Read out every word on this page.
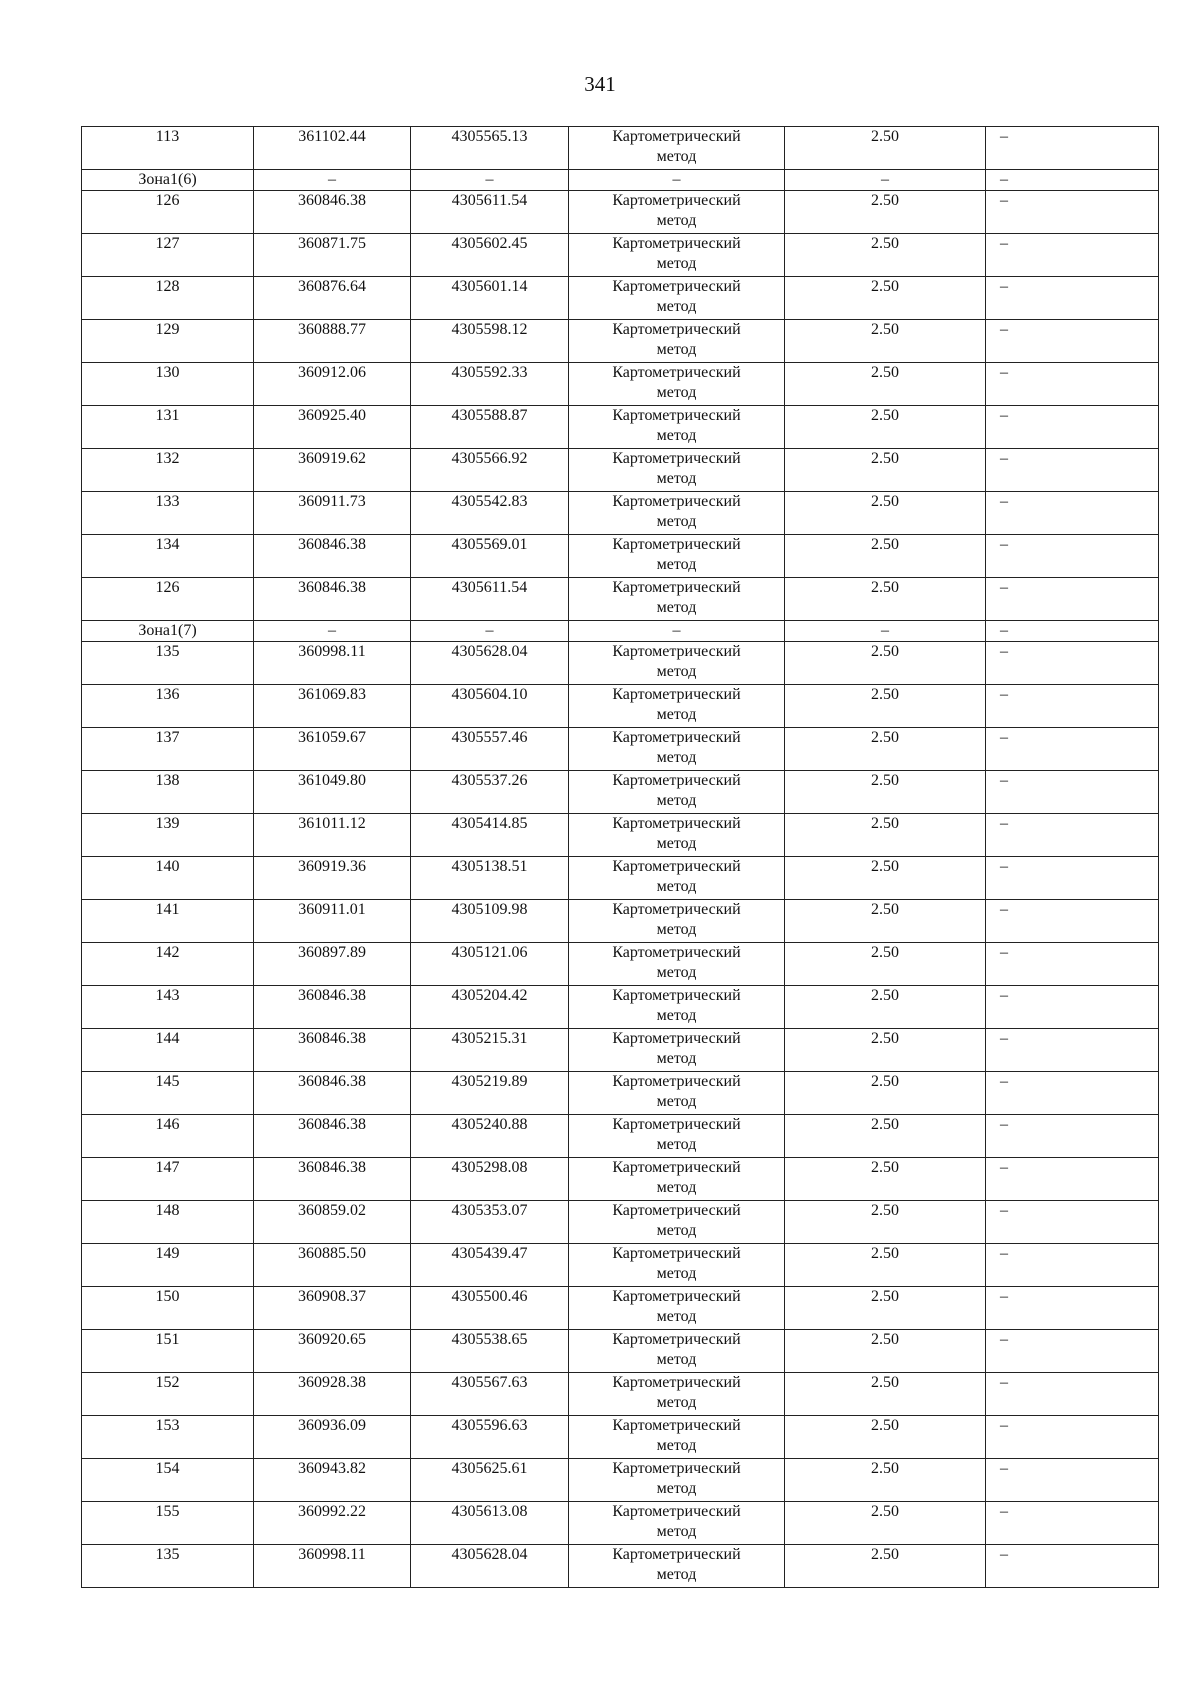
341
113	361102.44	4305565.13	Картометрический
метод	2.50	–
Зона1(6)	–	–	–	–	–
126	360846.38	4305611.54	Картометрический
метод	2.50	–
127	360871.75	4305602.45	Картометрический
метод	2.50	–
128	360876.64	4305601.14	Картометрический
метод	2.50	–
129	360888.77	4305598.12	Картометрический
метод	2.50	–
130	360912.06	4305592.33	Картометрический
метод	2.50	–
131	360925.40	4305588.87	Картометрический
метод	2.50	–
132	360919.62	4305566.92	Картометрический
метод	2.50	–
133	360911.73	4305542.83	Картометрический
метод	2.50	–
134	360846.38	4305569.01	Картометрический
метод	2.50	–
126	360846.38	4305611.54	Картометрический
метод	2.50	–
Зона1(7)	–	–	–	–	–
135	360998.11	4305628.04	Картометрический
метод	2.50	–
136	361069.83	4305604.10	Картометрический
метод	2.50	–
137	361059.67	4305557.46	Картометрический
метод	2.50	–
138	361049.80	4305537.26	Картометрический
метод	2.50	–
139	361011.12	4305414.85	Картометрический
метод	2.50	–
140	360919.36	4305138.51	Картометрический
метод	2.50	–
141	360911.01	4305109.98	Картометрический
метод	2.50	–
142	360897.89	4305121.06	Картометрический
метод	2.50	–
143	360846.38	4305204.42	Картометрический
метод	2.50	–
144	360846.38	4305215.31	Картометрический
метод	2.50	–
145	360846.38	4305219.89	Картометрический
метод	2.50	–
146	360846.38	4305240.88	Картометрический
метод	2.50	–
147	360846.38	4305298.08	Картометрический
метод	2.50	–
148	360859.02	4305353.07	Картометрический
метод	2.50	–
149	360885.50	4305439.47	Картометрический
метод	2.50	–
150	360908.37	4305500.46	Картометрический
метод	2.50	–
151	360920.65	4305538.65	Картометрический
метод	2.50	–
152	360928.38	4305567.63	Картометрический
метод	2.50	–
153	360936.09	4305596.63	Картометрический
метод	2.50	–
154	360943.82	4305625.61	Картометрический
метод	2.50	–
155	360992.22	4305613.08	Картометрический
метод	2.50	–
135	360998.11	4305628.04	Картометрический
метод	2.50	–
